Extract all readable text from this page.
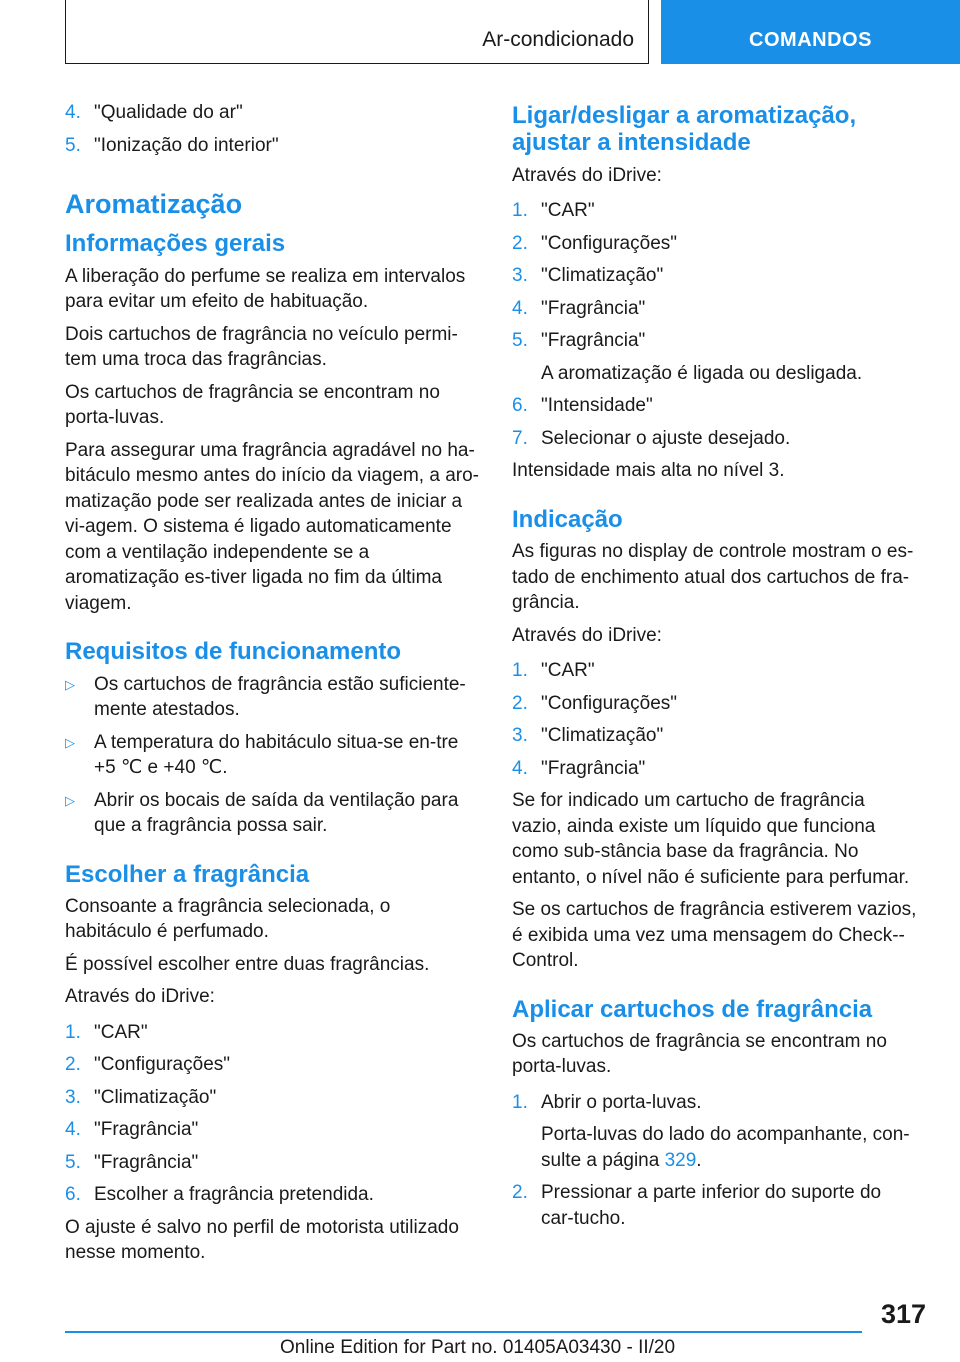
Ar-condicionado	COMANDOS
4. "Qualidade do ar"
5. "Ionização do interior"
Aromatização
Informações gerais

A liberação do perfume se realiza em intervalos para evitar um efeito de habituação.

Dois cartuchos de fragrância no veículo permi-tem uma troca das fragrâncias.

Os cartuchos de fragrância se encontram no porta-luvas.

Para assegurar uma fragrância agradável no ha-bitáculo mesmo antes do início da viagem, a aro-matização pode ser realizada antes de iniciar a vi-agem. O sistema é ligado automaticamente com a ventilação independente se a aromatização es-tiver ligada no fim da última viagem.

Requisitos de funcionamento
▷	Os cartuchos de fragrância estão suficiente-mente atestados.
▷	A temperatura do habitáculo situa-se en-tre +5 ℃ e +40 ℃.
▷	Abrir os bocais de saída da ventilação para que a fragrância possa sair.
Escolher a fragrância

Consoante a fragrância selecionada, o habitáculo é perfumado.

É possível escolher entre duas fragrâncias.

Através do iDrive:

1. "CAR"
2. "Configurações"
3. "Climatização"
4. "Fragrância"
5. "Fragrância"
6. Escolher a fragrância pretendida.

O ajuste é salvo no perfil de motorista utilizado nesse momento.

Ligar/desligar a aromatização, ajustar a intensidade

Através do iDrive:

1. "CAR"
2. "Configurações"
3. "Climatização"
4. "Fragrância"
5. "Fragrância"
A aromatização é ligada ou desligada.
6. "Intensidade"
7. Selecionar o ajuste desejado.

Intensidade mais alta no nível 3.

Indicação

As figuras no display de controle mostram o es-tado de enchimento atual dos cartuchos de fra-grância.

Através do iDrive:

1. "CAR"
2. "Configurações"
3. "Climatização"
4. "Fragrância"

Se for indicado um cartucho de fragrância vazio, ainda existe um líquido que funciona como sub-stância base da fragrância. No entanto, o nível não é suficiente para perfumar.

Se os cartuchos de fragrância estiverem vazios, é exibida uma vez uma mensagem do Check--Control.

Aplicar cartuchos de fragrância

Os cartuchos de fragrância se encontram no porta-luvas.

1. Abrir o porta-luvas.
Porta-luvas do lado do acompanhante, con-sulte a página 329.
2. Pressionar a parte inferior do suporte do car-tucho.
317
Online Edition for Part no. 01405A03430 - II/20
